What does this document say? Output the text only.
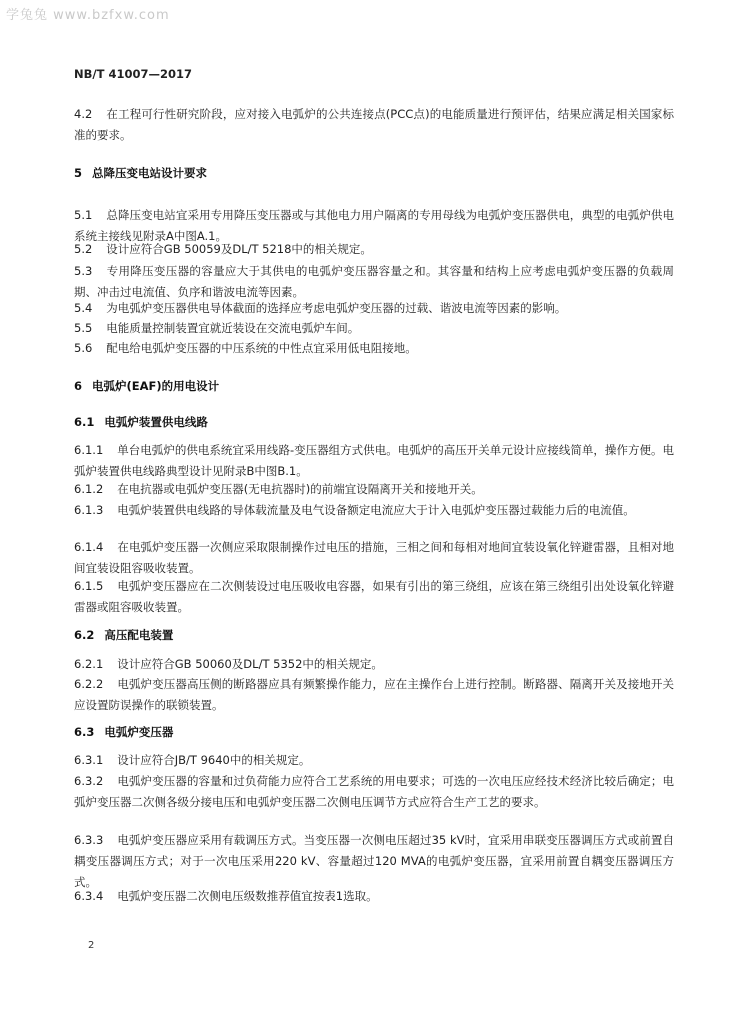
学兔兔 www.bzfxw.com
NB/T 41007—2017
4.2 在工程可行性研究阶段，应对接入电弧炉的公共连接点(PCC点)的电能质量进行预评估，结果应满足相关国家标准的要求。
5 总降压变电站设计要求
5.1 总降压变电站宜采用专用降压变压器或与其他电力用户隔离的专用母线为电弧炉变压器供电，典型的电弧炉供电系统主接线见附录A中图A.1。
5.2 设计应符合GB 50059及DL/T 5218中的相关规定。
5.3 专用降压变压器的容量应大于其供电的电弧炉变压器容量之和。其容量和结构上应考虑电弧炉变压器的负载周期、冲击过电流值、负序和谐波电流等因素。
5.4 为电弧炉变压器供电导体截面的选择应考虑电弧炉变压器的过载、谐波电流等因素的影响。
5.5 电能质量控制装置宜就近装设在交流电弧炉车间。
5.6 配电给电弧炉变压器的中压系统的中性点宜采用低电阻接地。
6 电弧炉(EAF)的用电设计
6.1 电弧炉装置供电线路
6.1.1 单台电弧炉的供电系统宜采用线路-变压器组方式供电。电弧炉的高压开关单元设计应接线简单，操作方便。电弧炉装置供电线路典型设计见附录B中图B.1。
6.1.2 在电抗器或电弧炉变压器(无电抗器时)的前端宜设隔离开关和接地开关。
6.1.3 电弧炉装置供电线路的导体载流量及电气设备额定电流应大于计入电弧炉变压器过载能力后的电流值。
6.1.4 在电弧炉变压器一次侧应采取限制操作过电压的措施，三相之间和每相对地间宜装设氧化锌避雷器，且相对地间宜装设阻容吸收装置。
6.1.5 电弧炉变压器应在二次侧装设过电压吸收电容器，如果有引出的第三绕组，应该在第三绕组引出处设氧化锌避雷器或阻容吸收装置。
6.2 高压配电装置
6.2.1 设计应符合GB 50060及DL/T 5352中的相关规定。
6.2.2 电弧炉变压器高压侧的断路器应具有频繁操作能力，应在主操作台上进行控制。断路器、隔离开关及接地开关应设置防误操作的联锁装置。
6.3 电弧炉变压器
6.3.1 设计应符合JB/T 9640中的相关规定。
6.3.2 电弧炉变压器的容量和过负荷能力应符合工艺系统的用电要求；可选的一次电压应经技术经济比较后确定；电弧炉变压器二次侧各级分接电压和电弧炉变压器二次侧电压调节方式应符合生产工艺的要求。
6.3.3 电弧炉变压器应采用有载调压方式。当变压器一次侧电压超过35 kV时，宜采用串联变压器调压方式或前置自耦变压器调压方式；对于一次电压采用220 kV、容量超过120 MVA的电弧炉变压器，宜采用前置自耦变压器调压方式。
6.3.4 电弧炉变压器二次侧电压级数推荐值宜按表1选取。
2
